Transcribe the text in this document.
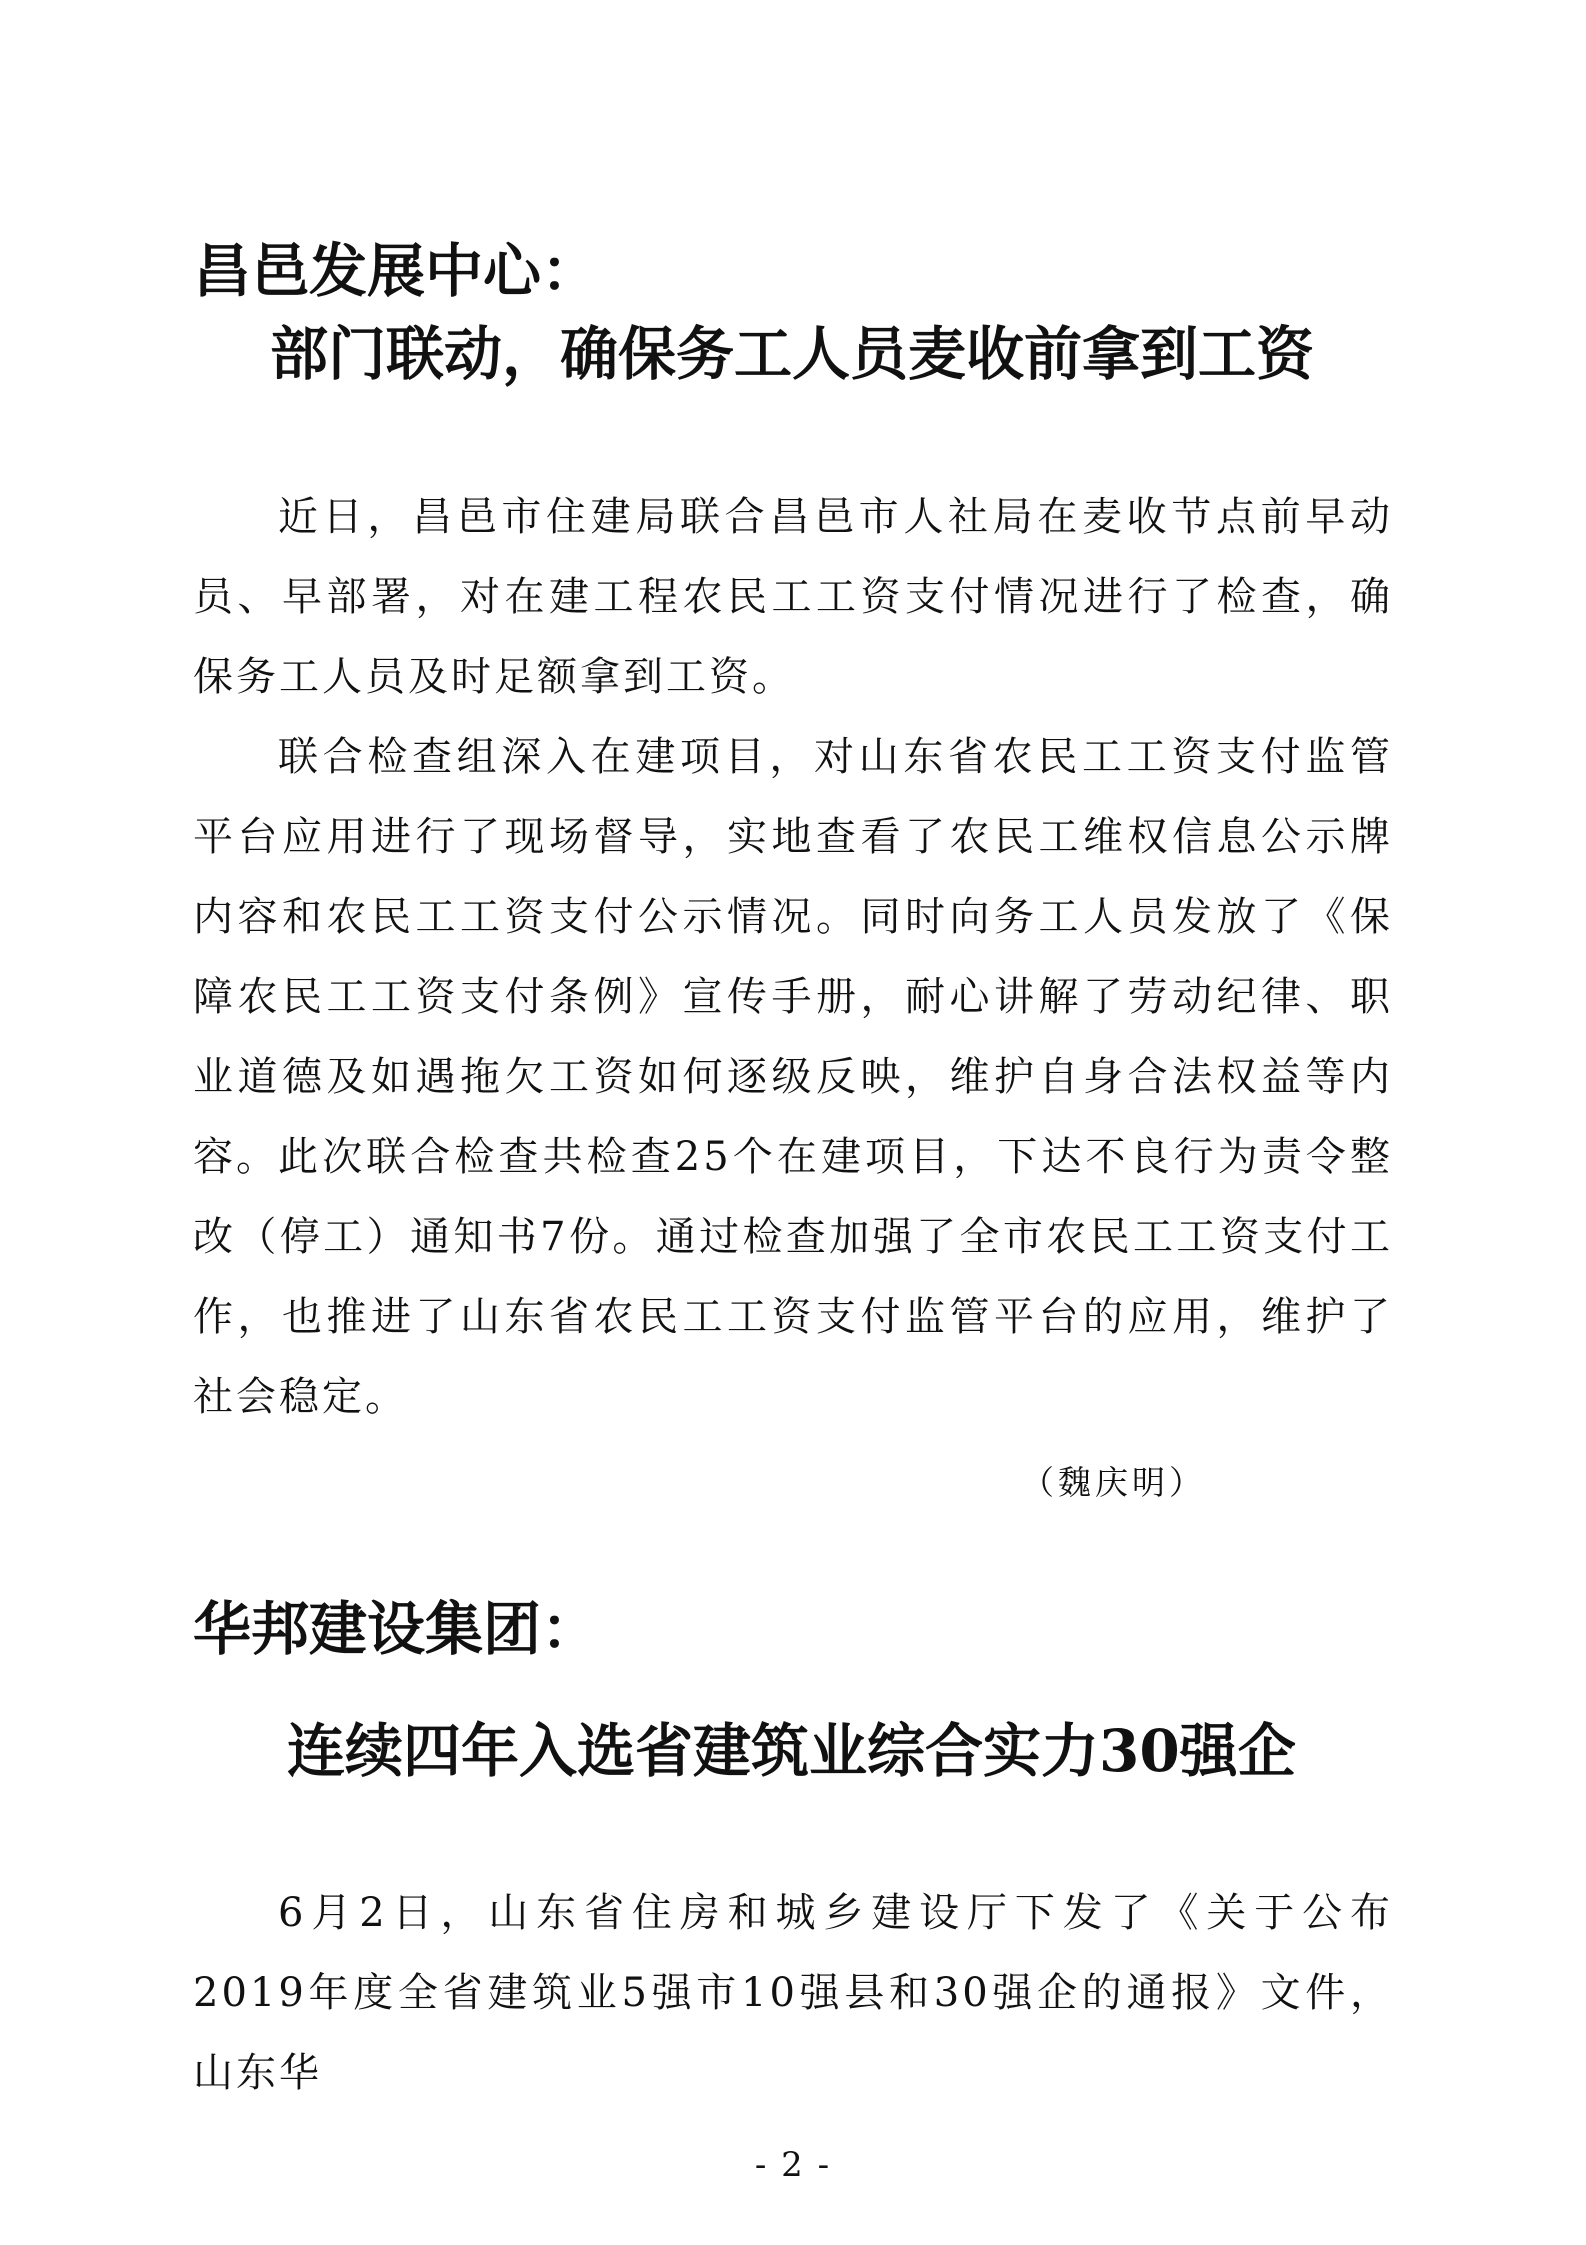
昌邑发展中心：
部门联动，确保务工人员麦收前拿到工资

近日，昌邑市住建局联合昌邑市人社局在麦收节点前早动员、早部署，对在建工程农民工工资支付情况进行了检查，确保务工人员及时足额拿到工资。

联合检查组深入在建项目，对山东省农民工工资支付监管平台应用进行了现场督导，实地查看了农民工维权信息公示牌内容和农民工工资支付公示情况。同时向务工人员发放了《保障农民工工资支付条例》宣传手册，耐心讲解了劳动纪律、职业道德及如遇拖欠工资如何逐级反映，维护自身合法权益等内容。 此次联合检查共检查25个在建项目，下达不良行为责令整改（停工）通知书7份。通过检查加强了全市农民工工资支付工作，也推进了山东省农民工工资支付监管平台的应用，维护了社会稳定。

（魏庆明）

华邦建设集团：
连续四年入选省建筑业综合实力30强企

6月2日，山东省住房和城乡建设厅下发了《关于公布2019年度全省建筑业5强市10强县和30强企的通报》文件，山东华

- 2 -
